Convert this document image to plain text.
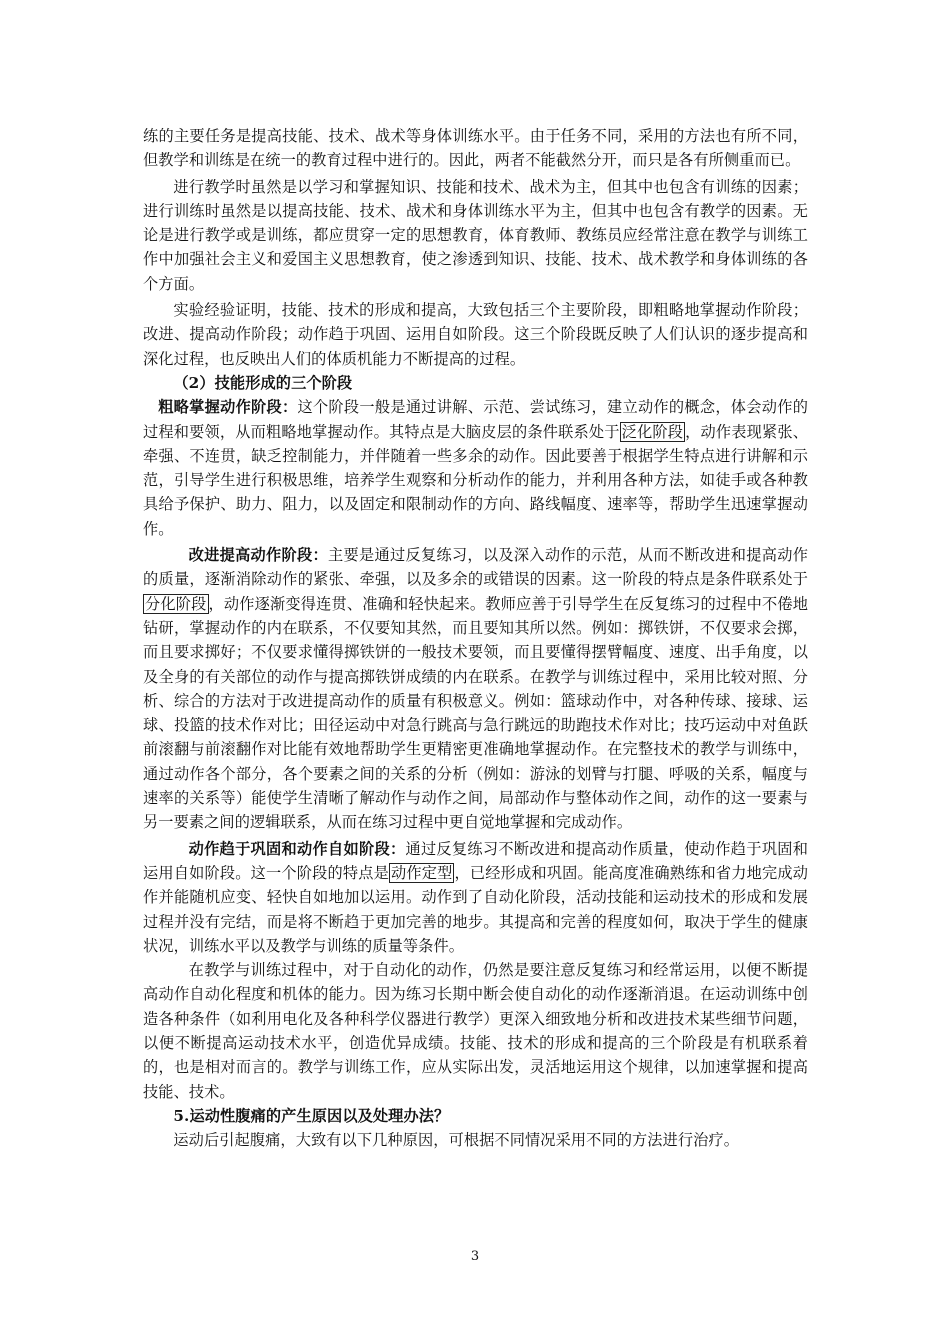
练的主要任务是提高技能、技术、战术等身体训练水平。由于任务不同，采用的方法也有所不同，但教学和训练是在统一的教育过程中进行的。因此，两者不能截然分开，而只是各有所侧重而已。

进行教学时虽然是以学习和掌握知识、技能和技术、战术为主，但其中也包含有训练的因素；进行训练时虽然是以提高技能、技术、战术和身体训练水平为主，但其中也包含有教学的因素。无论是进行教学或是训练，都应贯穿一定的思想教育，体育教师、教练员应经常注意在教学与训练工作中加强社会主义和爱国主义思想教育，使之渗透到知识、技能、技术、战术教学和身体训练的各个方面。

实验经验证明，技能、技术的形成和提高，大致包括三个主要阶段，即粗略地掌握动作阶段；改进、提高动作阶段；动作趋于巩固、运用自如阶段。这三个阶段既反映了人们认识的逐步提高和深化过程，也反映出人们的体质机能力不断提高的过程。

（2）技能形成的三个阶段

粗略掌握动作阶段：这个阶段一般是通过讲解、示范、尝试练习，建立动作的概念，体会动作的过程和要领，从而粗略地掌握动作。其特点是大脑皮层的条件联系处于 泛化阶段 ，动作表现紧张、牵强、不连贯，缺乏控制能力，并伴随着一些多余的动作。因此要善于根据学生特点进行讲解和示范，引导学生进行积极思维，培养学生观察和分析动作的能力，并利用各种方法，如徒手或各种教具给予保护、助力、阻力，以及固定和限制动作的方向、路线幅度、速率等，帮助学生迅速掌握动作。

改进提高动作阶段：主要是通过反复练习，以及深入动作的示范，从而不断改进和提高动作的质量，逐渐消除动作的紧张、牵强，以及多余的或错误的因素。这一阶段的特点是条件联系处于分化阶段 ，动作逐渐变得连贯、准确和轻快起来。教师应善于引导学生在反复练习的过程中不倦地钻研，掌握动作的内在联系，不仅要知其然，而且要知其所以然。例如：掷铁饼，不仅要求会掷，而且要求掷好；不仅要求懂得掷铁饼的一般技术要领，而且要懂得摆臂幅度、速度、出手角度，以及全身的有关部位的动作与提高掷铁饼成绩的内在联系。在教学与训练过程中，采用比较对照、分析、综合的方法对于改进提高动作的质量有积极意义。例如：篮球动作中，对各种传球、接球、运球、投篮的技术作对比；田径运动中对急行跳高与急行跳远的助跑技术作对比；技巧运动中对鱼跃前滚翻与前滚翻作对比能有效地帮助学生更精密更准确地掌握动作。在完整技术的教学与训练中，通过动作各个部分，各个要素之间的关系的分析（例如：游泳的划臂与打腿、呼吸的关系，幅度与速率的关系等）能使学生清晰了解动作与动作之间，局部动作与整体动作之间，动作的这一要素与另一要素之间的逻辑联系，从而在练习过程中更自觉地掌握和完成动作。

动作趋于巩固和动作自如阶段：通过反复练习不断改进和提高动作质量，使动作趋于巩固和运用自如阶段。这一个阶段的特点是 动作定型 ，已经形成和巩固。能高度准确熟练和省力地完成动作并能随机应变、轻快自如地加以运用。动作到了自动化阶段，活动技能和运动技术的形成和发展过程并没有完结，而是将不断趋于更加完善的地步。其提高和完善的程度如何，取决于学生的健康状况，训练水平以及教学与训练的质量等条件。

在教学与训练过程中，对于自动化的动作，仍然是要注意反复练习和经常运用，以便不断提高动作自动化程度和机体的能力。因为练习长期中断会使自动化的动作逐渐消退。在运动训练中创造各种条件（如利用电化及各种科学仪器进行教学）更深入细致地分析和改进技术某些细节问题，以便不断提高运动技术水平，创造优异成绩。技能、技术的形成和提高的三个阶段是有机联系着的，也是相对而言的。教学与训练工作，应从实际出发，灵活地运用这个规律，以加速掌握和提高技能、技术。

5.运动性腹痛的产生原因以及处理办法？

运动后引起腹痛，大致有以下几种原因，可根据不同情况采用不同的方法进行治疗。

3
